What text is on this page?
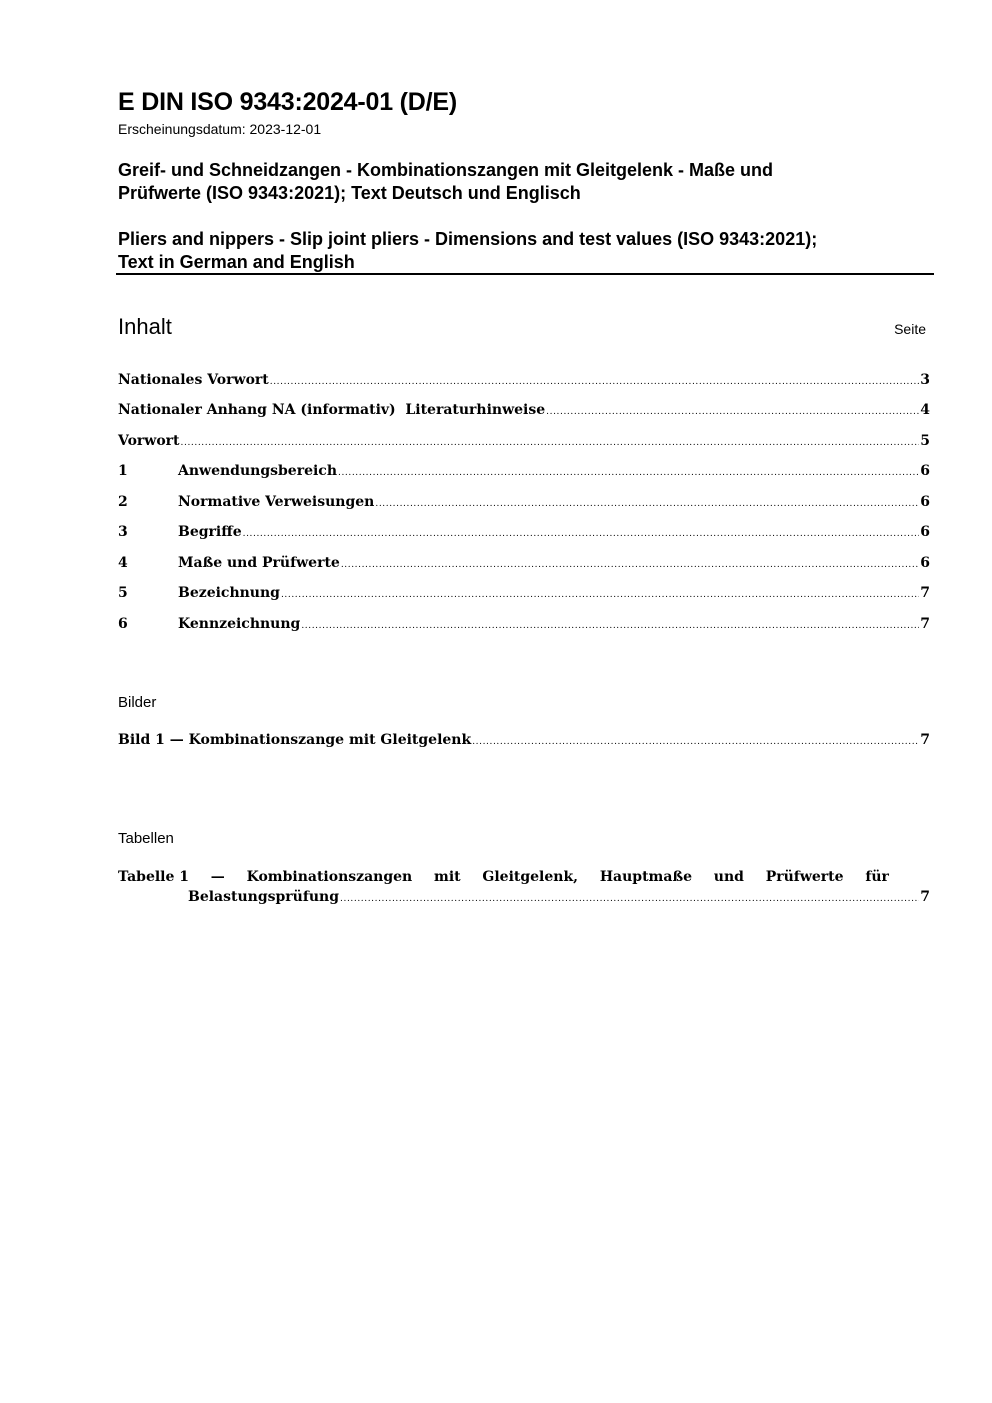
E DIN ISO 9343:2024-01 (D/E)
Erscheinungsdatum: 2023-12-01
Greif- und Schneidzangen - Kombinationszangen mit Gleitgelenk - Maße und
Prüfwerte (ISO 9343:2021); Text Deutsch und Englisch
Pliers and nippers - Slip joint pliers - Dimensions and test values (ISO 9343:2021);
Text in German and English
Inhalt	Seite
Nationales Vorwort .....	3
Nationaler Anhang NA (informativ)  Literaturhinweise .....	4
Vorwort .....	5
1	Anwendungsbereich .....	6
2	Normative Verweisungen .....	6
3	Begriffe .....	6
4	Maße und Prüfwerte .....	6
5	Bezeichnung .....	7
6	Kennzeichnung .....	7
Bilder
Bild 1 — Kombinationszange mit Gleitgelenk .....	7
Tabellen
Tabelle 1 — Kombinationszangen mit Gleitgelenk, Hauptmaße und Prüfwerte für
Belastungsprüfung .....	7
